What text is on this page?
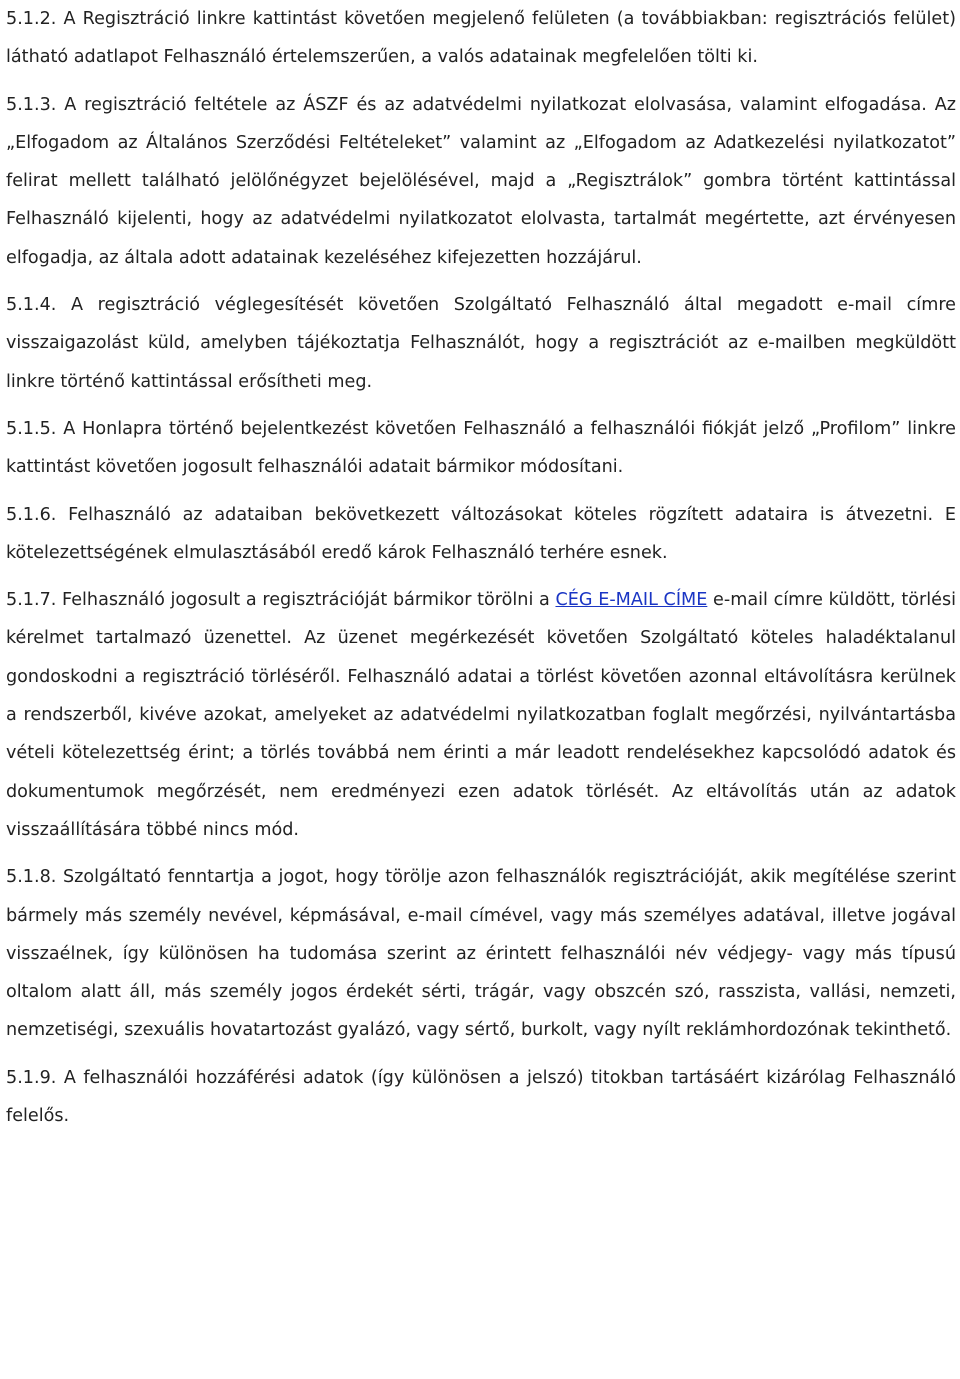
5.1.2. A Regisztráció linkre kattintást követően megjelenő felületen (a továbbiakban: regisztrációs felület) látható adatlapot Felhasználó értelemszerűen, a valós adatainak megfelelően tölti ki.

5.1.3. A regisztráció feltétele az ÁSZF és az adatvédelmi nyilatkozat elolvasása, valamint elfogadása. Az „Elfogadom az Általános Szerződési Feltételeket” valamint az „Elfogadom az Adatkezelési nyilatkozatot” felirat mellett található jelölőnégyzet bejelölésével, majd a „Regisztrálok” gombra történt kattintással Felhasználó kijelenti, hogy az adatvédelmi nyilatkozatot elolvasta, tartalmát megértette, azt érvényesen elfogadja, az általa adott adatainak kezeléséhez kifejezetten hozzájárul.

5.1.4. A regisztráció véglegesítését követően Szolgáltató Felhasználó által megadott e-mail címre visszaigazolást küld, amelyben tájékoztatja Felhasználót, hogy a regisztrációt az e-mailben megküldött linkre történő kattintással erősítheti meg.

5.1.5. A Honlapra történő bejelentkezést követően Felhasználó a felhasználói fiókját jelző „Profilom” linkre kattintást követően jogosult felhasználói adatait bármikor módosítani.

5.1.6. Felhasználó az adataiban bekövetkezett változásokat köteles rögzített adataira is átvezetni. E kötelezettségének elmulasztásából eredő károk Felhasználó terhére esnek.

5.1.7. Felhasználó jogosult a regisztrációját bármikor törölni a CÉG E-MAIL CÍME e-mail címre küldött, törlési kérelmet tartalmazó üzenettel. Az üzenet megérkezését követően Szolgáltató köteles haladéktalanul gondoskodni a regisztráció törléséről. Felhasználó adatai a törlést követően azonnal eltávolításra kerülnek a rendszerből, kivéve azokat, amelyeket az adatvédelmi nyilatkozatban foglalt megőrzési, nyilvántartásba vételi kötelezettség érint; a törlés továbbá nem érinti a már leadott rendelésekhez kapcsolódó adatok és dokumentumok megőrzését, nem eredményezi ezen adatok törlését. Az eltávolítás után az adatok visszaállítására többé nincs mód.

5.1.8. Szolgáltató fenntartja a jogot, hogy törölje azon felhasználók regisztrációját, akik megítélése szerint bármely más személy nevével, képmásával, e-mail címével, vagy más személyes adatával, illetve jogával visszaélnek, így különösen ha tudomása szerint az érintett felhasználói név védjegy- vagy más típusú oltalom alatt áll, más személy jogos érdekét sérti, trágár, vagy obszcén szó, rasszista, vallási, nemzeti, nemzetiségi, szexuális hovatartozást gyalázó, vagy sértő, burkolt, vagy nyílt reklámhordozónak tekinthető.

5.1.9. A felhasználói hozzáférési adatok (így különösen a jelszó) titokban tartásáért kizárólag Felhasználó felelős.
